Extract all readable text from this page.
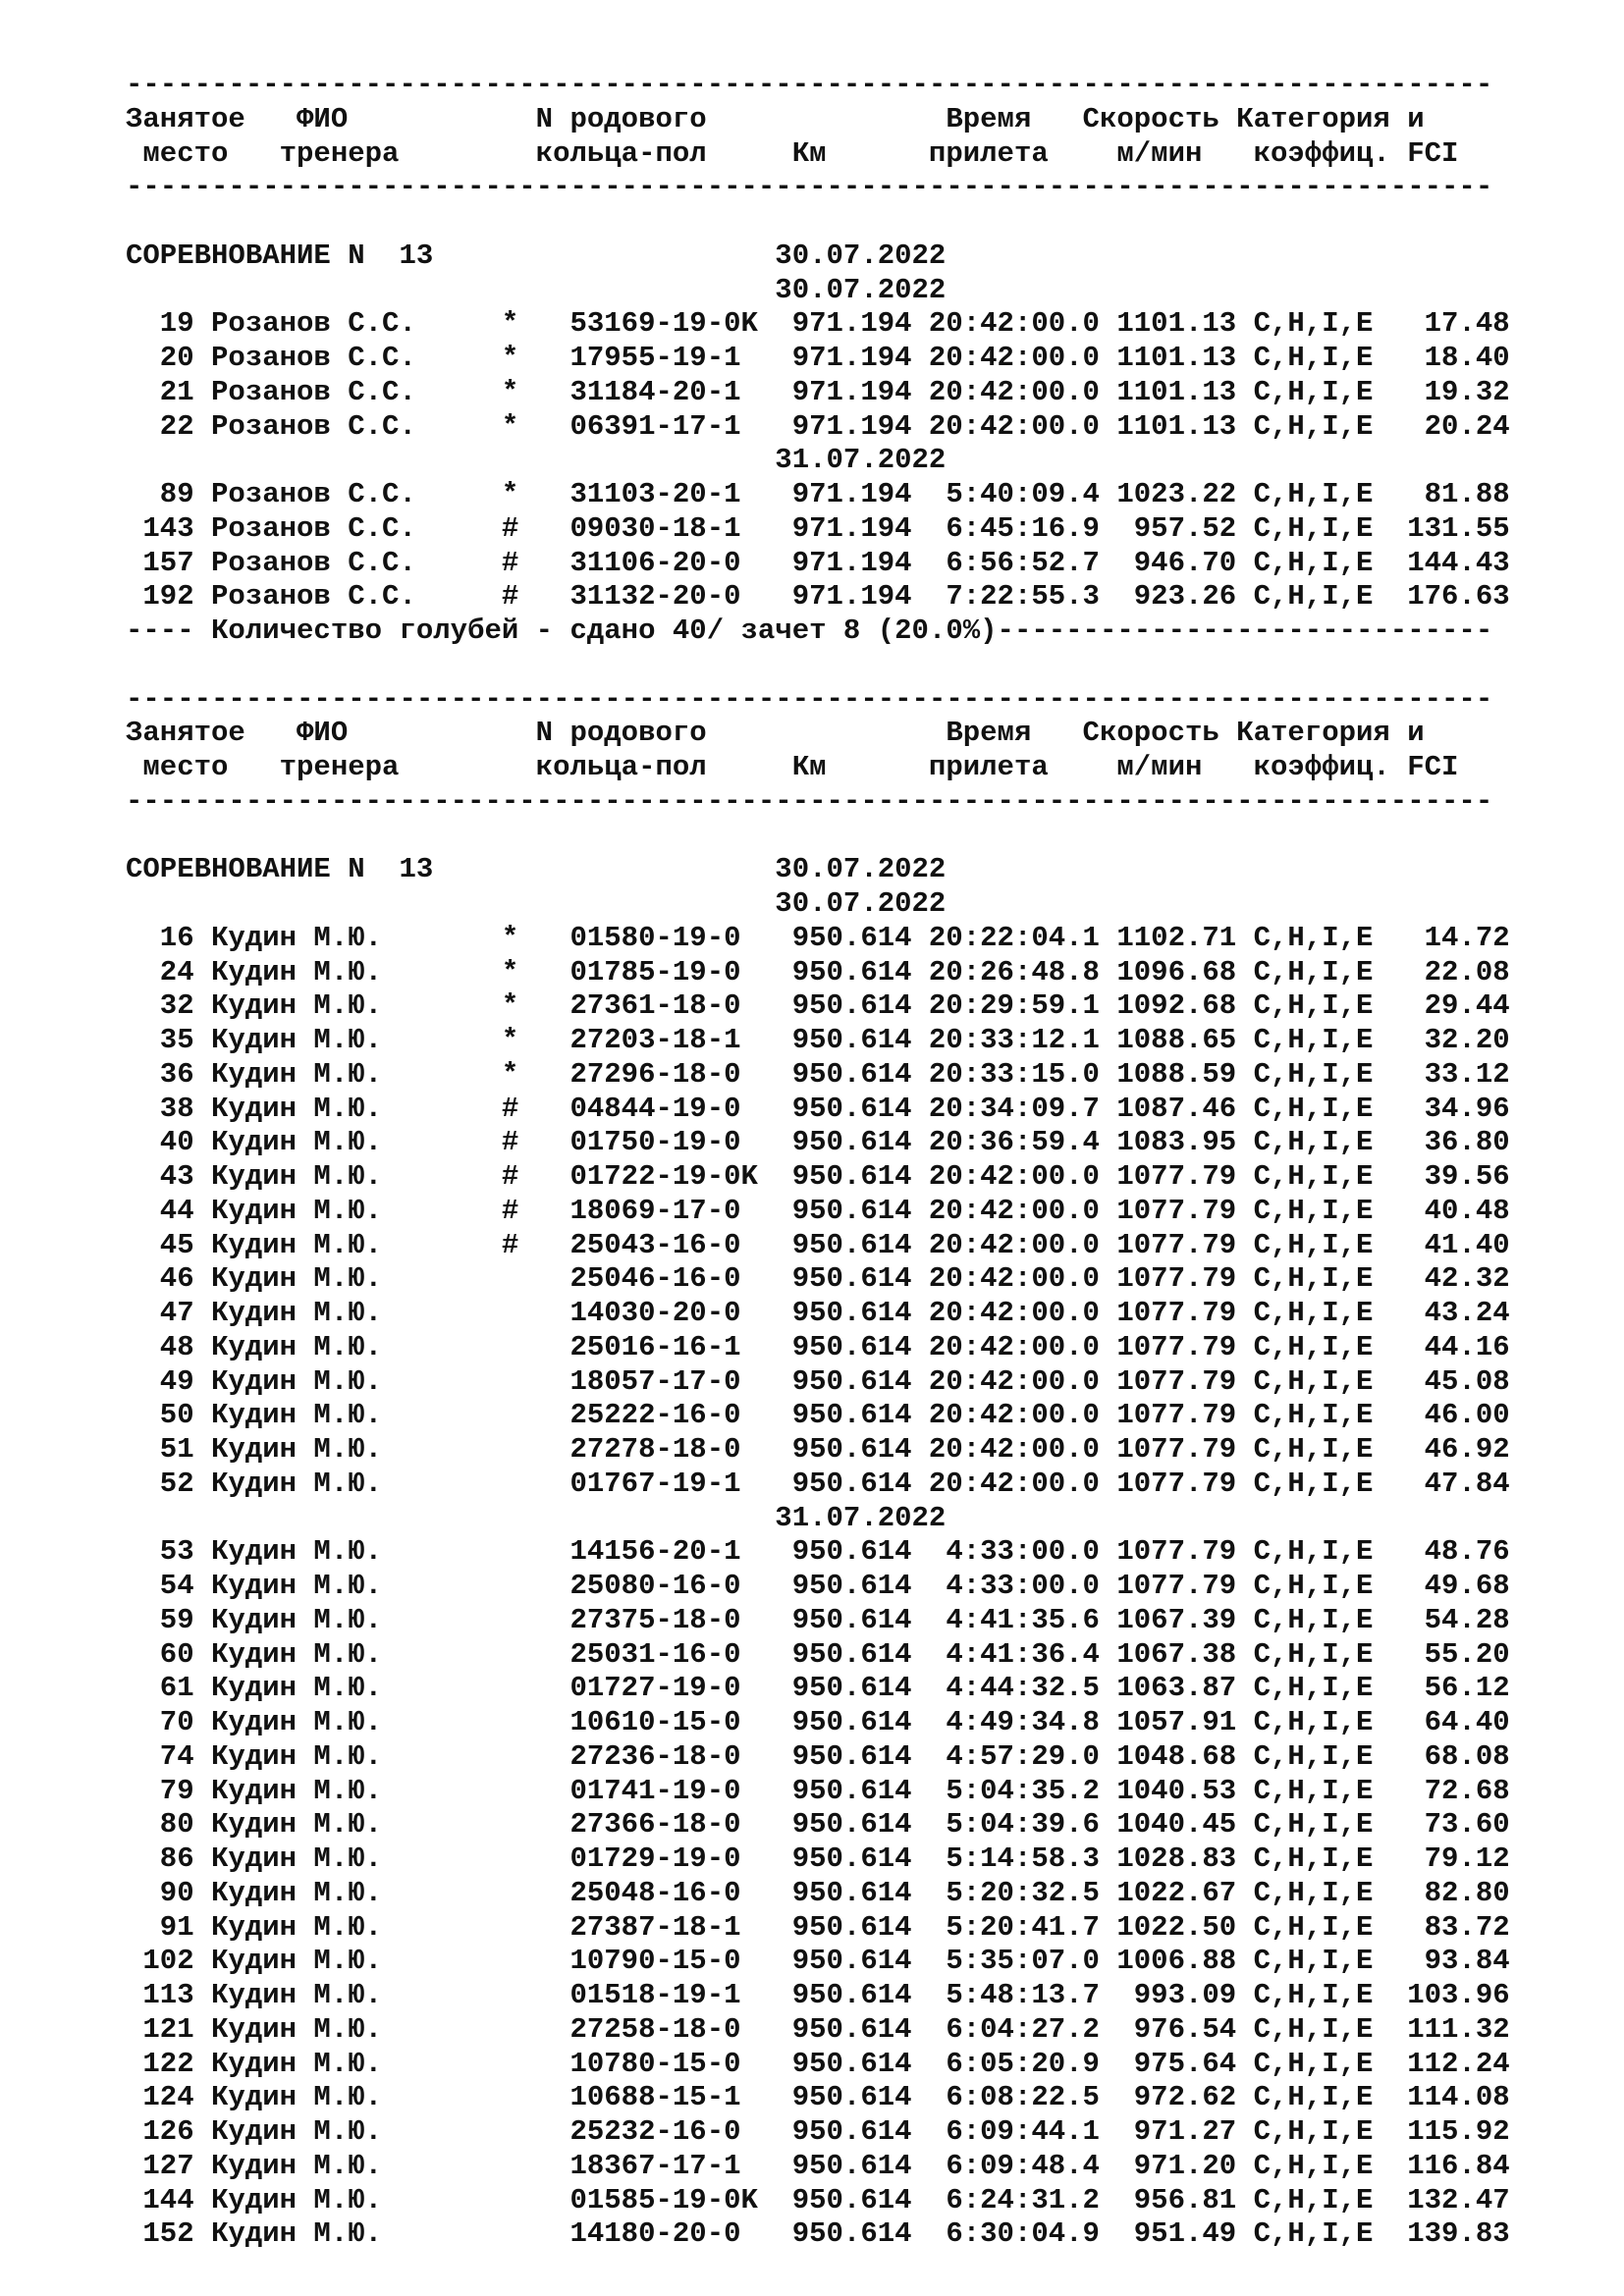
--------------------------------------------------------------------------------
Занятое   ФИО           N родового              Время   Скорость Категория и
место   тренера        кольца-пол     Км      прилета    м/мин   коэффиц. FCI
--------------------------------------------------------------------------------
СОРЕВНОВАНИЕ N  13                    30.07.2022
30.07.2022
19 Розанов С.С.     *   53169-19-0K  971.194 20:42:00.0 1101.13 C,H,I,E   17.48
20 Розанов С.С.     *   17955-19-1   971.194 20:42:00.0 1101.13 C,H,I,E   18.40
21 Розанов С.С.     *   31184-20-1   971.194 20:42:00.0 1101.13 C,H,I,E   19.32
22 Розанов С.С.     *   06391-17-1   971.194 20:42:00.0 1101.13 C,H,I,E   20.24
31.07.2022
89 Розанов С.С.     *   31103-20-1   971.194  5:40:09.4 1023.22 C,H,I,E   81.88
143 Розанов С.С.     #   09030-18-1   971.194  6:45:16.9  957.52 C,H,I,E  131.55
157 Розанов С.С.     #   31106-20-0   971.194  6:56:52.7  946.70 C,H,I,E  144.43
192 Розанов С.С.     #   31132-20-0   971.194  7:22:55.3  923.26 C,H,I,E  176.63
---- Количество голубей - сдано 40/ зачет 8 (20.0%)-----------------------------
--------------------------------------------------------------------------------
Занятое   ФИО           N родового              Время   Скорость Категория и
место   тренера        кольца-пол     Км      прилета    м/мин   коэффиц. FCI
--------------------------------------------------------------------------------
СОРЕВНОВАНИЕ N  13                    30.07.2022
30.07.2022
16 Кудин М.Ю.       *   01580-19-0   950.614 20:22:04.1 1102.71 C,H,I,E   14.72
24 Кудин М.Ю.       *   01785-19-0   950.614 20:26:48.8 1096.68 C,H,I,E   22.08
32 Кудин М.Ю.       *   27361-18-0   950.614 20:29:59.1 1092.68 C,H,I,E   29.44
35 Кудин М.Ю.       *   27203-18-1   950.614 20:33:12.1 1088.65 C,H,I,E   32.20
36 Кудин М.Ю.       *   27296-18-0   950.614 20:33:15.0 1088.59 C,H,I,E   33.12
38 Кудин М.Ю.       #   04844-19-0   950.614 20:34:09.7 1087.46 C,H,I,E   34.96
40 Кудин М.Ю.       #   01750-19-0   950.614 20:36:59.4 1083.95 C,H,I,E   36.80
43 Кудин М.Ю.       #   01722-19-0K  950.614 20:42:00.0 1077.79 C,H,I,E   39.56
44 Кудин М.Ю.       #   18069-17-0   950.614 20:42:00.0 1077.79 C,H,I,E   40.48
45 Кудин М.Ю.       #   25043-16-0   950.614 20:42:00.0 1077.79 C,H,I,E   41.40
46 Кудин М.Ю.           25046-16-0   950.614 20:42:00.0 1077.79 C,H,I,E   42.32
47 Кудин М.Ю.           14030-20-0   950.614 20:42:00.0 1077.79 C,H,I,E   43.24
48 Кудин М.Ю.           25016-16-1   950.614 20:42:00.0 1077.79 C,H,I,E   44.16
49 Кудин М.Ю.           18057-17-0   950.614 20:42:00.0 1077.79 C,H,I,E   45.08
50 Кудин М.Ю.           25222-16-0   950.614 20:42:00.0 1077.79 C,H,I,E   46.00
51 Кудин М.Ю.           27278-18-0   950.614 20:42:00.0 1077.79 C,H,I,E   46.92
52 Кудин М.Ю.           01767-19-1   950.614 20:42:00.0 1077.79 C,H,I,E   47.84
31.07.2022
53 Кудин М.Ю.           14156-20-1   950.614  4:33:00.0 1077.79 C,H,I,E   48.76
54 Кудин М.Ю.           25080-16-0   950.614  4:33:00.0 1077.79 C,H,I,E   49.68
59 Кудин М.Ю.           27375-18-0   950.614  4:41:35.6 1067.39 C,H,I,E   54.28
60 Кудин М.Ю.           25031-16-0   950.614  4:41:36.4 1067.38 C,H,I,E   55.20
61 Кудин М.Ю.           01727-19-0   950.614  4:44:32.5 1063.87 C,H,I,E   56.12
70 Кудин М.Ю.           10610-15-0   950.614  4:49:34.8 1057.91 C,H,I,E   64.40
74 Кудин М.Ю.           27236-18-0   950.614  4:57:29.0 1048.68 C,H,I,E   68.08
79 Кудин М.Ю.           01741-19-0   950.614  5:04:35.2 1040.53 C,H,I,E   72.68
80 Кудин М.Ю.           27366-18-0   950.614  5:04:39.6 1040.45 C,H,I,E   73.60
86 Кудин М.Ю.           01729-19-0   950.614  5:14:58.3 1028.83 C,H,I,E   79.12
90 Кудин М.Ю.           25048-16-0   950.614  5:20:32.5 1022.67 C,H,I,E   82.80
91 Кудин М.Ю.           27387-18-1   950.614  5:20:41.7 1022.50 C,H,I,E   83.72
102 Кудин М.Ю.           10790-15-0   950.614  5:35:07.0 1006.88 C,H,I,E   93.84
113 Кудин М.Ю.           01518-19-1   950.614  5:48:13.7  993.09 C,H,I,E  103.96
121 Кудин М.Ю.           27258-18-0   950.614  6:04:27.2  976.54 C,H,I,E  111.32
122 Кудин М.Ю.           10780-15-0   950.614  6:05:20.9  975.64 C,H,I,E  112.24
124 Кудин М.Ю.           10688-15-1   950.614  6:08:22.5  972.62 C,H,I,E  114.08
126 Кудин М.Ю.           25232-16-0   950.614  6:09:44.1  971.27 C,H,I,E  115.92
127 Кудин М.Ю.           18367-17-1   950.614  6:09:48.4  971.20 C,H,I,E  116.84
144 Кудин М.Ю.           01585-19-0K  950.614  6:24:31.2  956.81 C,H,I,E  132.47
152 Кудин М.Ю.           14180-20-0   950.614  6:30:04.9  951.49 C,H,I,E  139.83
